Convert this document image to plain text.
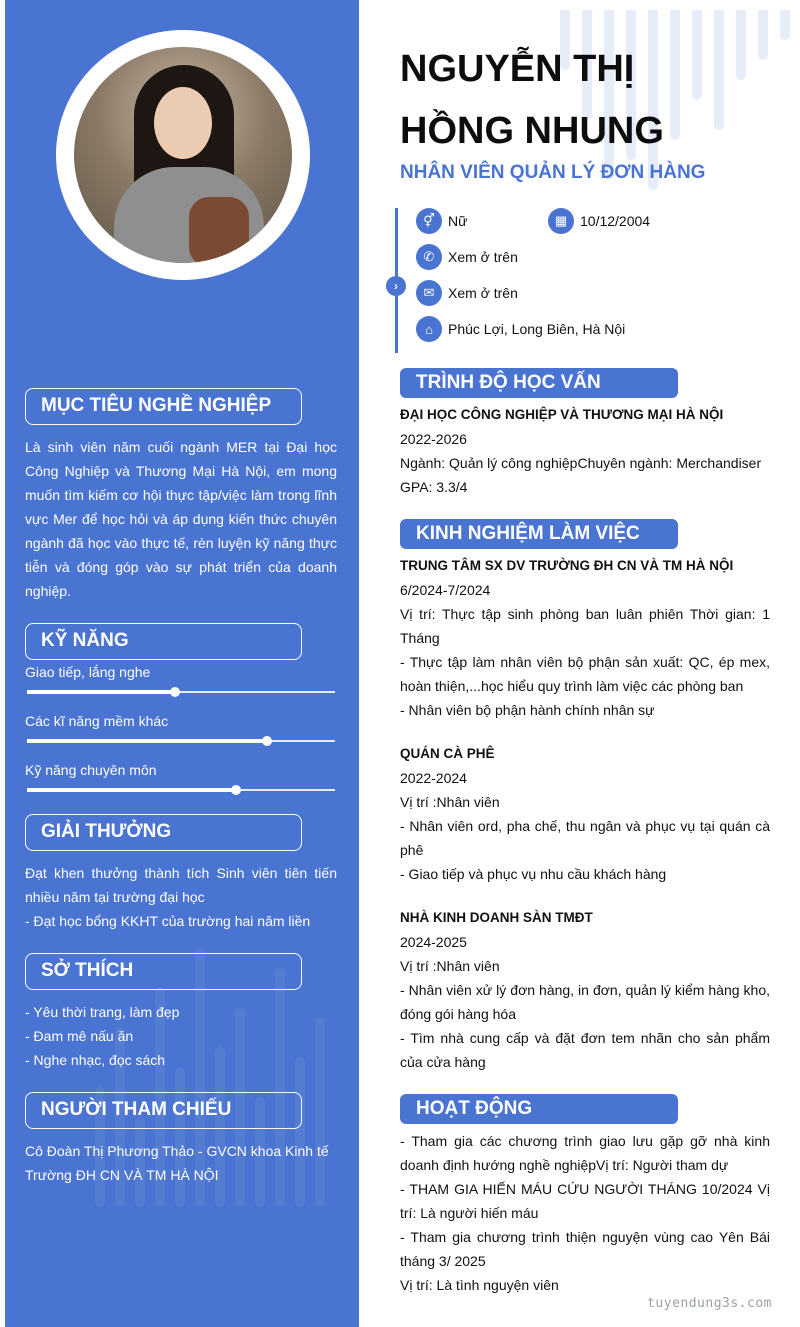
MỤC TIÊU NGHỀ NGHIỆP
Là sinh viên năm cuối ngành MER tại Đại học Công Nghiệp và Thương Mại Hà Nội, em mong muốn tìm kiếm cơ hội thực tập/việc làm trong lĩnh vực Mer để học hỏi và áp dụng kiến thức chuyên ngành đã học vào thực tế, rèn luyện kỹ năng thực tiễn và đóng góp vào sự phát triển của doanh nghiệp.
KỸ NĂNG
Giao tiếp, lắng nghe
Các kĩ năng mềm khác
Kỹ năng chuyên môn
GIẢI THƯỞNG
Đạt khen thưởng thành tích Sinh viên tiên tiến nhiều năm tại trường đại học
- Đạt học bổng KKHT của trường hai năm liền
SỞ THÍCH
- Yêu thời trang, làm đẹp
- Đam mê nấu ăn
- Nghe nhạc, đọc sách
NGƯỜI THAM CHIẾU
Cô Đoàn Thị Phương Thảo - GVCN khoa Kinh tế
Trường ĐH CN VÀ TM HÀ NỘI
NGUYỄN THỊ
HỒNG NHUNG
NHÂN VIÊN QUẢN LÝ ĐƠN HÀNG
›
⚥ Nữ	▦ 10/12/2004
✆ Xem ở trên
✉ Xem ở trên
⌂	Phúc Lợi, Long Biên, Hà Nội
TRÌNH ĐỘ HỌC VẤN
ĐẠI HỌC CÔNG NGHIỆP VÀ THƯƠNG MẠI HÀ NỘI
2022-2026
Ngành: Quản lý công nghiệpChuyên ngành: Merchandiser
GPA: 3.3/4
KINH NGHIỆM LÀM VIỆC
TRUNG TÂM SX DV TRƯỜNG ĐH CN VÀ TM HÀ NỘI
6/2024-7/2024
Vị trí: Thực tập sinh phòng ban luân phiên Thời gian: 1 Tháng
- Thực tập làm nhân viên bộ phận sản xuất: QC, ép mex, hoàn thiện,...học hiểu quy trình làm việc các phòng ban
- Nhân viên bộ phận hành chính nhân sự
QUÁN CÀ PHÊ
2022-2024
Vị trí :Nhân viên
- Nhân viên ord, pha chế, thu ngân và phục vụ tại quán cà phê
- Giao tiếp và phục vụ nhu cầu khách hàng
NHÀ KINH DOANH SÀN TMĐT
2024-2025
Vị trí :Nhân viên
- Nhân viên xử lý đơn hàng, in đơn, quản lý kiểm hàng kho, đóng gói hàng hóa
- Tìm nhà cung cấp và đặt đơn tem nhãn cho sản phẩm của cửa hàng
HOẠT ĐỘNG
- Tham gia các chương trình giao lưu gặp gỡ nhà kinh doanh định hướng nghề nghiệpVị trí: Người tham dự
- THAM GIA HIẾN MÁU CỨU NGƯỜI THÁNG 10/2024 Vị trí: Là người hiến máu
- Tham gia chương trình thiện nguyện vùng cao Yên Bái tháng 3/ 2025
Vị trí: Là tình nguyện viên
tuyendung3s.com
